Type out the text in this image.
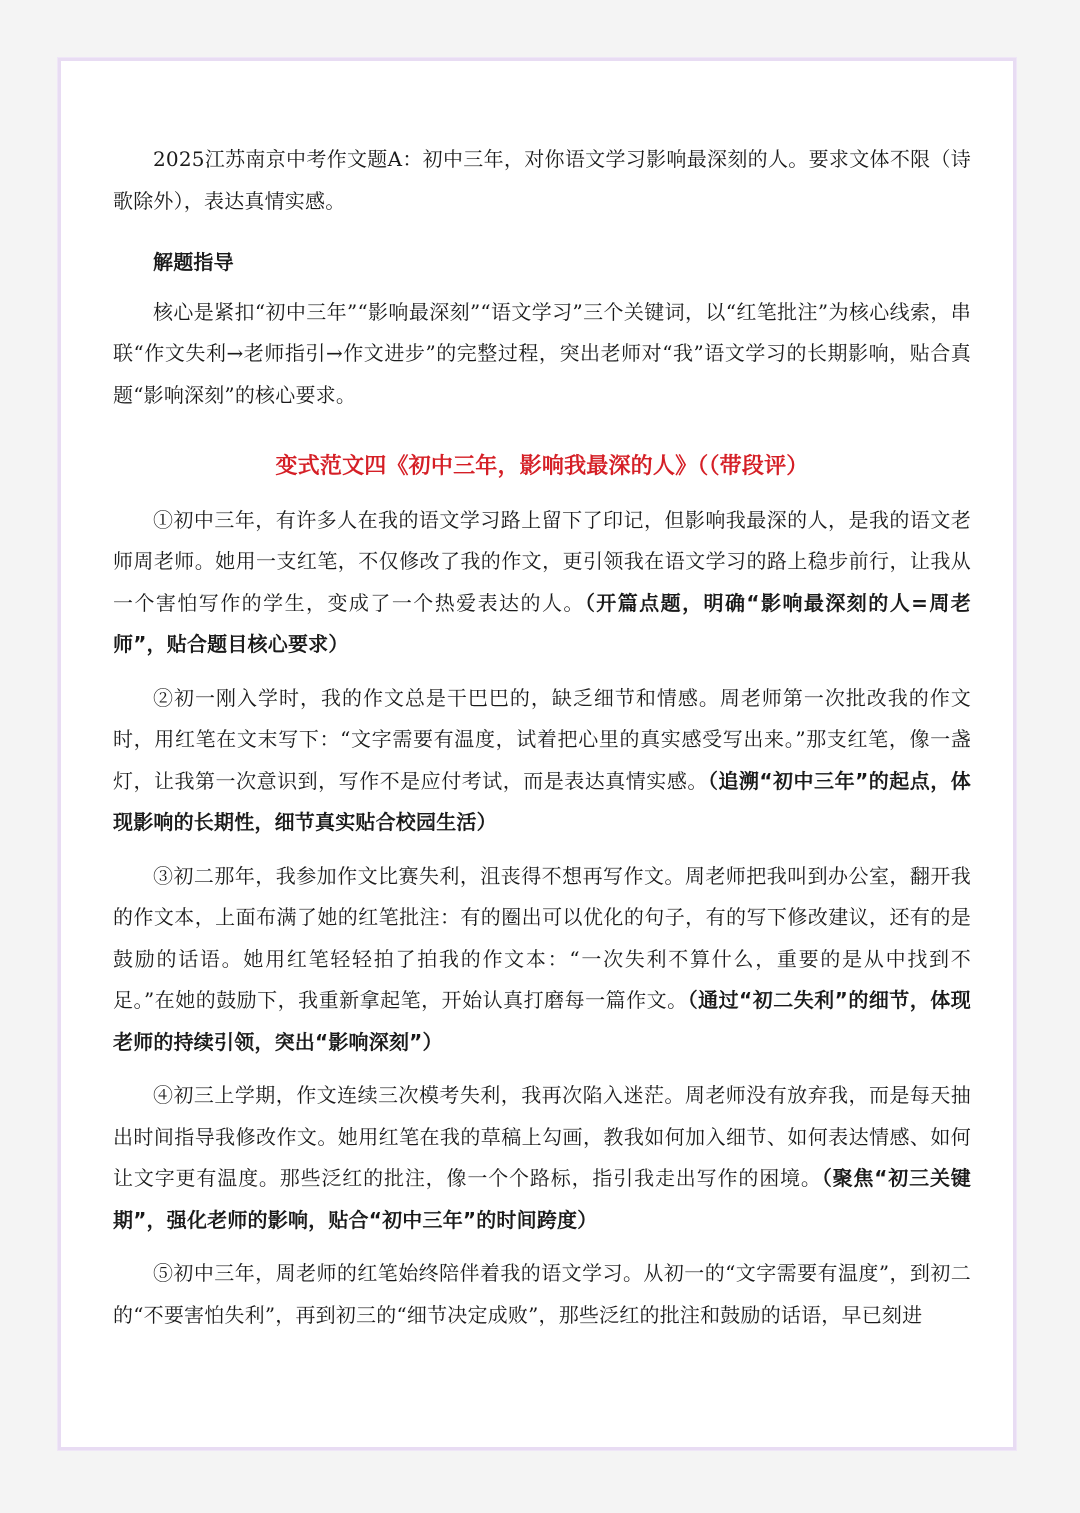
2025江苏南京中考作文题A：初中三年，对你语文学习影响最深刻的人。要求文体不限（诗歌除外），表达真情实感。

解题指导

核心是紧扣“初中三年”“影响最深刻”“语文学习”三个关键词，以“红笔批注”为核心线索，串联“作文失利→老师指引→作文进步”的完整过程，突出老师对“我”语文学习的长期影响，贴合真题“影响深刻”的核心要求。

变式范文四《初中三年，影响我最深的人》（（带段评）

①初中三年，有许多人在我的语文学习路上留下了印记，但影响我最深的人，是我的语文老师周老师。她用一支红笔，不仅修改了我的作文，更引领我在语文学习的路上稳步前行，让我从一个害怕写作的学生，变成了一个热爱表达的人。（开篇点题，明确“影响最深刻的人=周老师”，贴合题目核心要求）

②初一刚入学时，我的作文总是干巴巴的，缺乏细节和情感。周老师第一次批改我的作文时，用红笔在文末写下：“文字需要有温度，试着把心里的真实感受写出来。”那支红笔，像一盏灯，让我第一次意识到，写作不是应付考试，而是表达真情实感。（追溯“初中三年”的起点，体现影响的长期性，细节真实贴合校园生活）

③初二那年，我参加作文比赛失利，沮丧得不想再写作文。周老师把我叫到办公室，翻开我的作文本，上面布满了她的红笔批注：有的圈出可以优化的句子，有的写下修改建议，还有的是鼓励的话语。她用红笔轻轻拍了拍我的作文本：“一次失利不算什么，重要的是从中找到不足。”在她的鼓励下，我重新拿起笔，开始认真打磨每一篇作文。（通过“初二失利”的细节，体现老师的持续引领，突出“影响深刻”）

④初三上学期，作文连续三次模考失利，我再次陷入迷茫。周老师没有放弃我，而是每天抽出时间指导我修改作文。她用红笔在我的草稿上勾画，教我如何加入细节、如何表达情感、如何让文字更有温度。那些泛红的批注，像一个个路标，指引我走出写作的困境。（聚焦“初三关键期”，强化老师的影响，贴合“初中三年”的时间跨度）

⑤初中三年，周老师的红笔始终陪伴着我的语文学习。从初一的“文字需要有温度”，到初二的“不要害怕失利”，再到初三的“细节决定成败”，那些泛红的批注和鼓励的话语，早已刻进
